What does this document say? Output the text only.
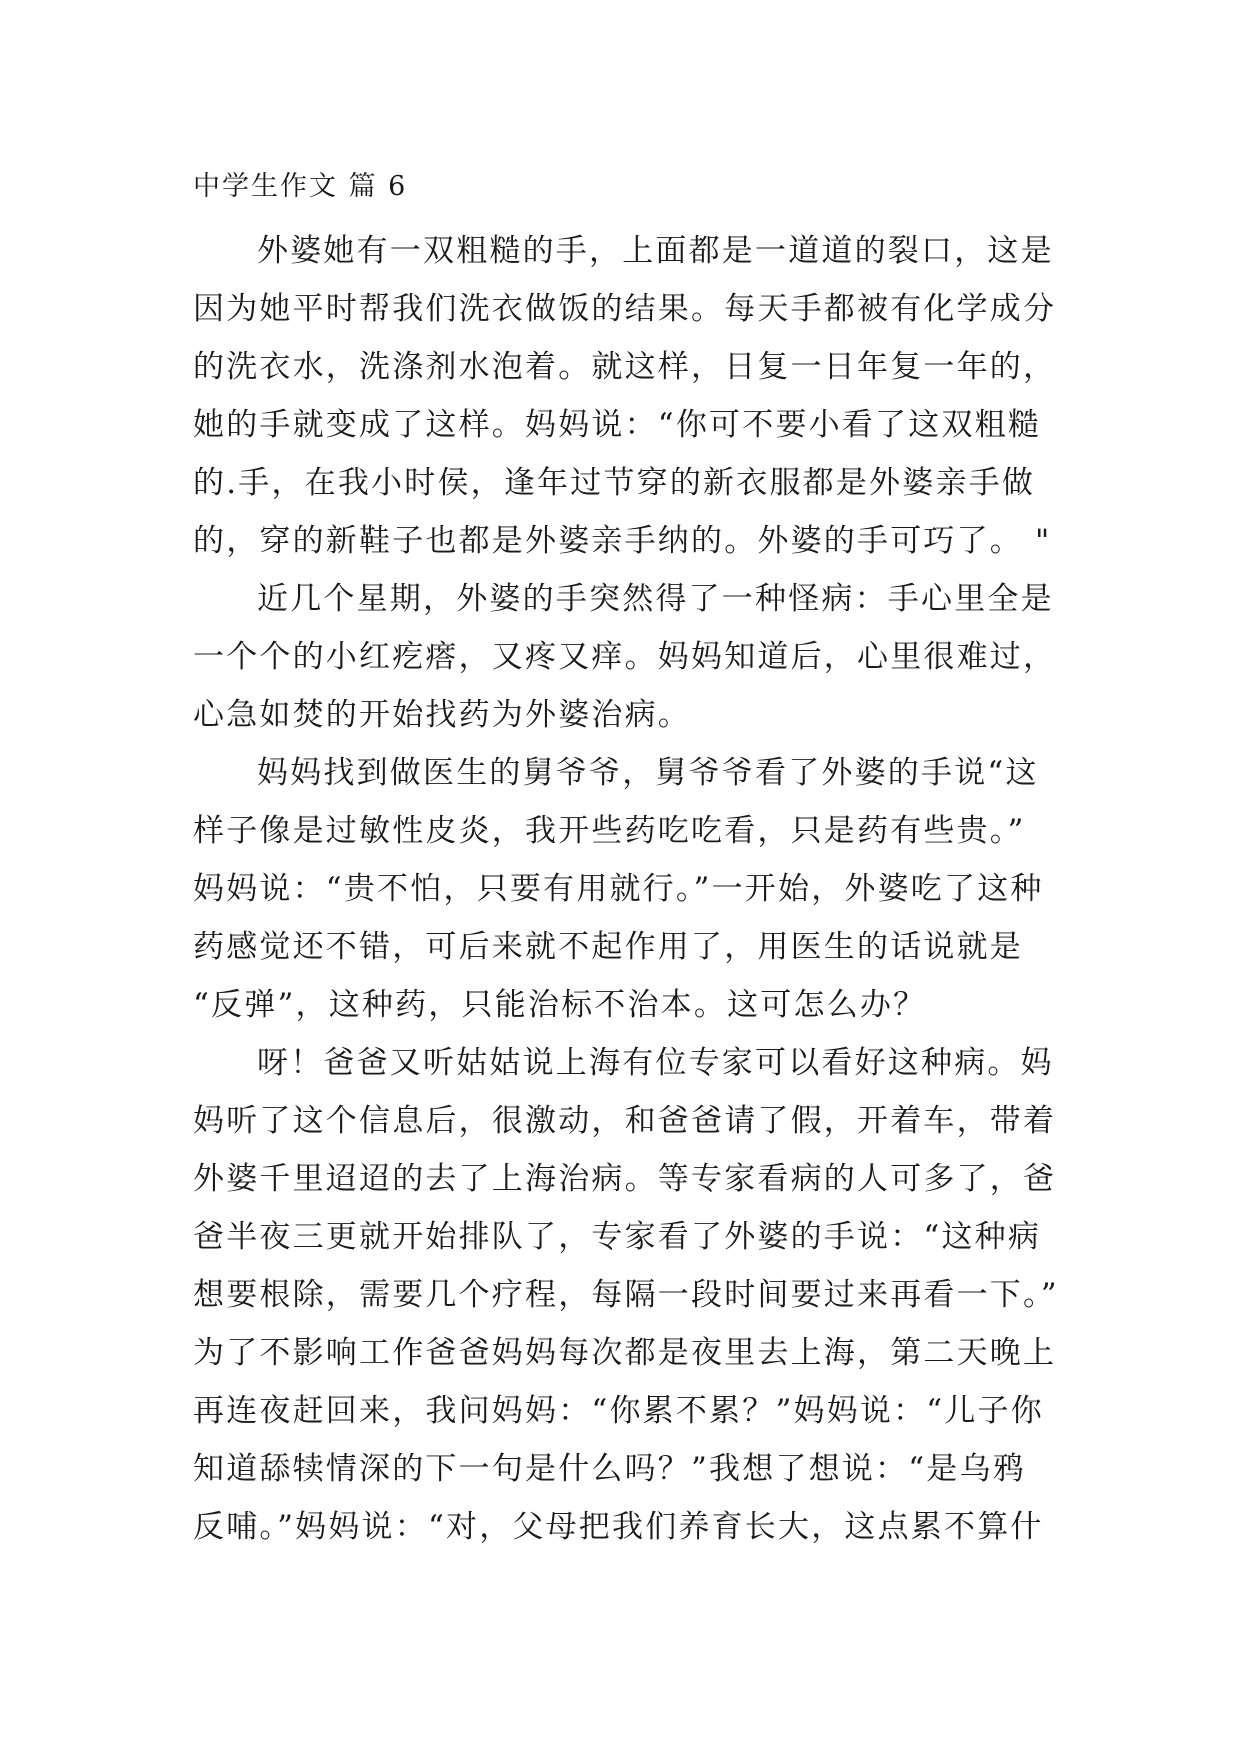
中学生作文 篇 6
外婆她有一双粗糙的手，上面都是一道道的裂口，这是
因为她平时帮我们洗衣做饭的结果。每天手都被有化学成分
的洗衣水，洗涤剂水泡着。就这样，日复一日年复一年的，
她的手就变成了这样。妈妈说：“你可不要小看了这双粗糙
的.手，在我小时侯，逢年过节穿的新衣服都是外婆亲手做
的，穿的新鞋子也都是外婆亲手纳的。外婆的手可巧了。 "
近几个星期，外婆的手突然得了一种怪病：手心里全是
一个个的小红疙瘩，又疼又痒。妈妈知道后，心里很难过，
心急如焚的开始找药为外婆治病。
妈妈找到做医生的舅爷爷，舅爷爷看了外婆的手说“这
样子像是过敏性皮炎，我开些药吃吃看，只是药有些贵。”
妈妈说：“贵不怕，只要有用就行。”一开始，外婆吃了这种
药感觉还不错，可后来就不起作用了，用医生的话说就是
“反弹”，这种药，只能治标不治本。这可怎么办？
呀！爸爸又听姑姑说上海有位专家可以看好这种病。妈
妈听了这个信息后，很激动，和爸爸请了假，开着车，带着
外婆千里迢迢的去了上海治病。等专家看病的人可多了，爸
爸半夜三更就开始排队了，专家看了外婆的手说：“这种病
想要根除，需要几个疗程，每隔一段时间要过来再看一下。”
为了不影响工作爸爸妈妈每次都是夜里去上海，第二天晚上
再连夜赶回来，我问妈妈：“你累不累？”妈妈说：“儿子你
知道舔犊情深的下一句是什么吗？”我想了想说：“是乌鸦
反哺。”妈妈说：“对，父母把我们养育长大，这点累不算什
